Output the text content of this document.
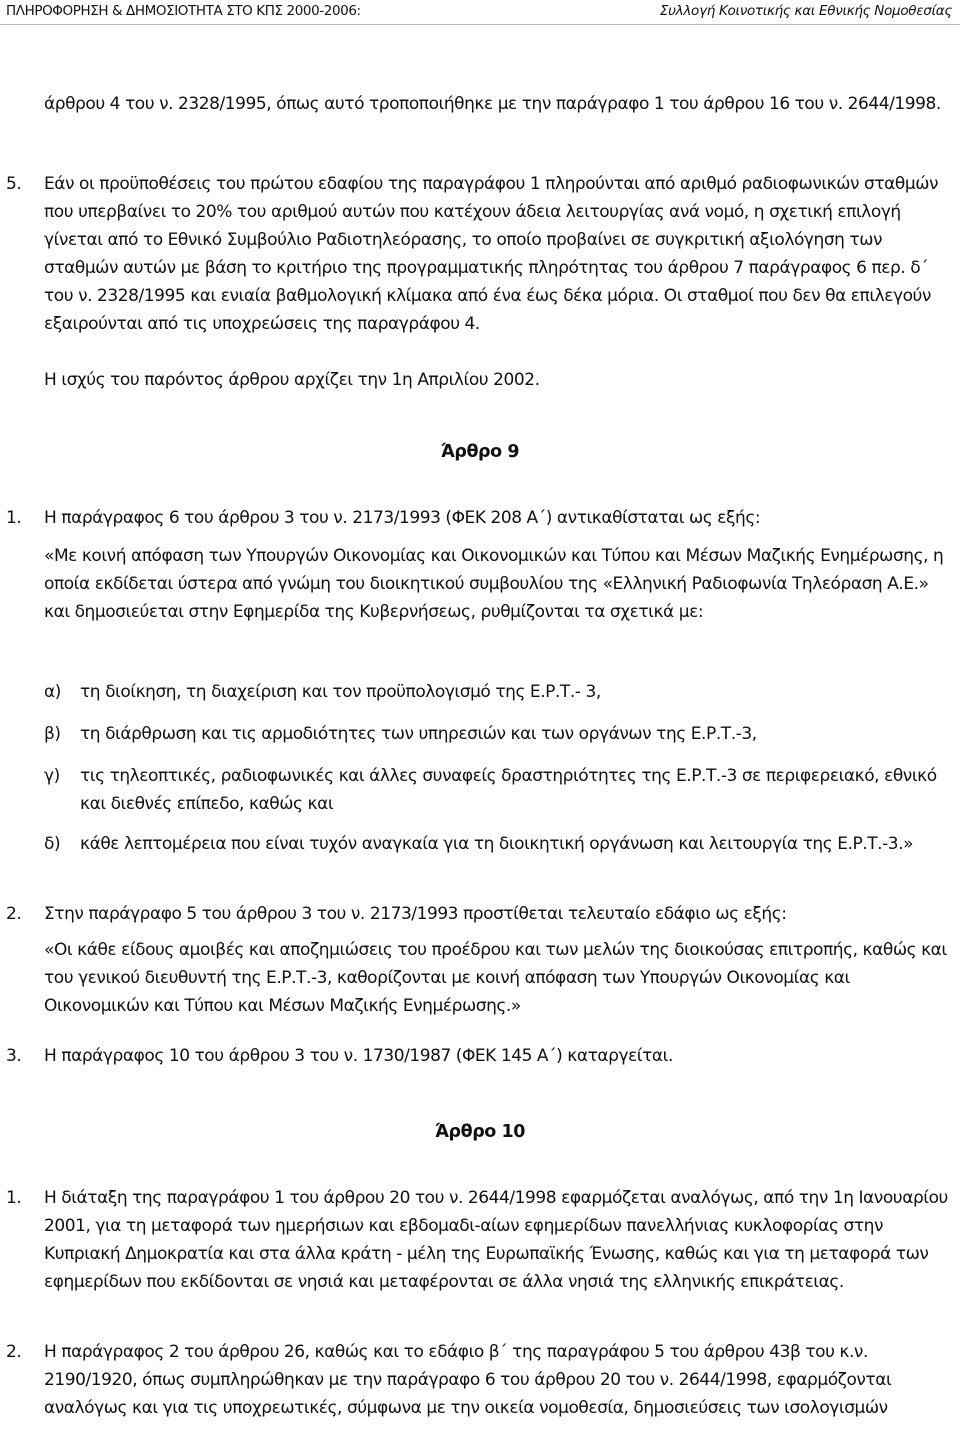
ΠΛΗΡΟΦΟΡΗΣΗ & ΔΗΜΟΣΙΟΤΗΤΑ ΣΤΟ ΚΠΣ 2000-2006:	Συλλογή Κοινοτικής και Εθνικής Νομοθεσίας

άρθρου 4 του ν. 2328/1995, όπως αυτό τροποποιήθηκε με την παράγραφο 1 του άρθρου 16 του ν. 2644/1998.

5. Εάν οι προϋποθέσεις του πρώτου εδαφίου της παραγράφου 1 πληρούνται από αριθμό ραδιοφωνικών σταθμών που υπερβαίνει το 20% του αριθμού αυτών που κατέχουν άδεια λειτουργίας ανά νομό, η σχετική επιλογή γίνεται από το Εθνικό Συμβούλιο Ραδιοτηλεόρασης, το οποίο προβαίνει σε συγκριτική αξιολόγηση των σταθμών αυτών με βάση το κριτήριο της προγραμματικής πληρότητας του άρθρου 7 παράγραφος 6 περ. δ΄ του ν. 2328/1995 και ενιαία βαθμολογική κλίμακα από ένα έως δέκα μόρια. Οι σταθμοί που δεν θα επιλεγούν εξαιρούνται από τις υποχρεώσεις της παραγράφου 4.

Η ισχύς του παρόντος άρθρου αρχίζει την 1η Απριλίου 2002.

Άρθρο 9
1. Η παράγραφος 6 του άρθρου 3 του ν. 2173/1993 (ΦΕΚ 208 Α΄) αντικαθίσταται ως εξής:

«Με κοινή απόφαση των Υπουργών Οικονομίας και Οικονομικών και Τύπου και Μέσων Μαζικής Ενημέρωσης, η οποία εκδίδεται ύστερα από γνώμη του διοικητικού συμβουλίου της «Ελληνική Ραδιοφωνία Τηλεόραση Α.Ε.» και δημοσιεύεται στην Εφημερίδα της Κυβερνήσεως, ρυθμίζονται τα σχετικά με:

α)	τη διοίκηση, τη διαχείριση και τον προϋπολογισμό της Ε.Ρ.Τ.- 3,
β)	τη διάρθρωση και τις αρμοδιότητες των υπηρεσιών και των οργάνων της Ε.Ρ.Τ.-3,
γ)	τις τηλεοπτικές, ραδιοφωνικές και άλλες συναφείς δραστηριότητες της Ε.Ρ.Τ.-3 σε περιφερειακό, εθνικό και διεθνές επίπεδο, καθώς και
δ)	κάθε λεπτομέρεια που είναι τυχόν αναγκαία για τη διοικητική οργάνωση και λειτουργία της Ε.Ρ.Τ.-3.»
2. Στην παράγραφο 5 του άρθρου 3 του ν. 2173/1993 προστίθεται τελευταίο εδάφιο ως εξής:

«Οι κάθε είδους αμοιβές και αποζημιώσεις του προέδρου και των μελών της διοικούσας επιτροπής, καθώς και του γενικού διευθυντή της Ε.Ρ.Τ.-3, καθορίζονται με κοινή απόφαση των Υπουργών Οικονομίας και Οικονομικών και Τύπου και Μέσων Μαζικής Ενημέρωσης.»

3. Η παράγραφος 10 του άρθρου 3 του ν. 1730/1987 (ΦΕΚ 145 Α΄) καταργείται.

Άρθρο 10
1. Η διάταξη της παραγράφου 1 του άρθρου 20 του ν. 2644/1998 εφαρμόζεται αναλόγως, από την 1η Ιανουαρίου 2001, για τη μεταφορά των ημερήσιων και εβδομαδι-αίων εφημερίδων πανελλήνιας κυκλοφορίας στην Κυπριακή Δημοκρατία και στα άλλα κράτη - μέλη της Ευρωπαϊκής Ένωσης, καθώς και για τη μεταφορά των εφημερίδων που εκδίδονται σε νησιά και μεταφέρονται σε άλλα νησιά της ελληνικής επικράτειας.

2. Η παράγραφος 2 του άρθρου 26, καθώς και το εδάφιο β΄ της παραγράφου 5 του άρθρου 43β του κ.ν. 2190/1920, όπως συμπληρώθηκαν με την παράγραφο 6 του άρθρου 20 του ν. 2644/1998, εφαρμόζονται αναλόγως και για τις υποχρεωτικές, σύμφωνα με την οικεία νομοθεσία, δημοσιεύσεις των ισολογισμών
